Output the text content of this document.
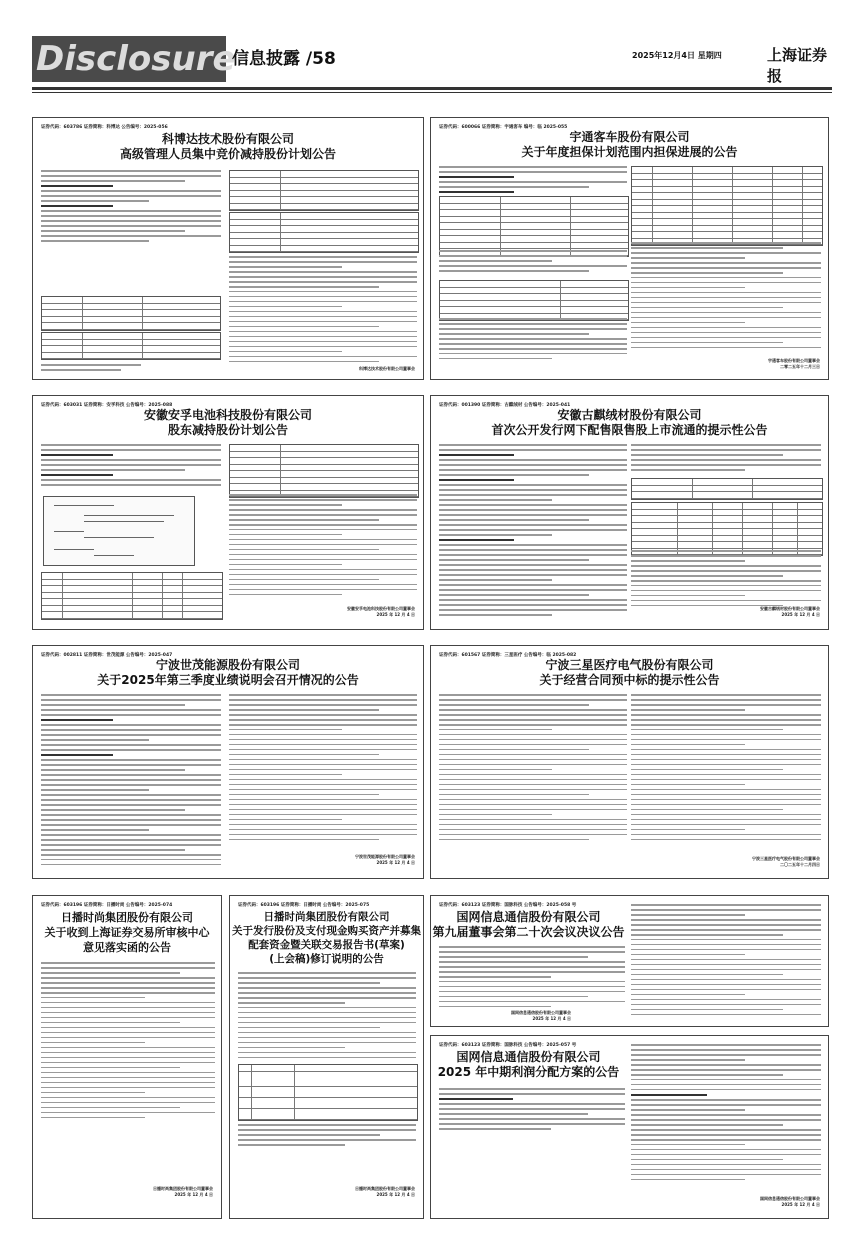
Disclosure
信息披露 /58	2025年12月4日 星期四	上海证券报
证券代码：603786 证券简称：科博达 公告编号：2025-056
科博达技术股份有限公司
高级管理人员集中竞价减持股份计划公告
科博达技术股份有限公司董事会
证券代码：600066 证券简称：宇通客车 编号：临 2025-055
宇通客车股份有限公司
关于年度担保计划范围内担保进展的公告
宇通客车股份有限公司董事会
二零二五年十二月三日
证券代码：603031 证券简称：安孚科技 公告编号：2025-088
安徽安孚电池科技股份有限公司
股东减持股份计划公告
安徽安孚电池科技股份有限公司董事会
2025 年 12 月 4 日
证券代码：001390 证券简称：古麒绒材 公告编号：2025-041
安徽古麒绒材股份有限公司
首次公开发行网下配售限售股上市流通的提示性公告
安徽古麒绒材股份有限公司董事会
2025 年 12 月 4 日
证券代码：002811 证券简称：世茂能源 公告编号：2025-047
宁波世茂能源股份有限公司
关于2025年第三季度业绩说明会召开情况的公告
宁波世茂能源股份有限公司董事会
2025 年 12 月 4 日
证券代码：601567 证券简称：三星医疗 公告编号：临 2025-082
宁波三星医疗电气股份有限公司
关于经营合同预中标的提示性公告
宁波三星医疗电气股份有限公司董事会
二〇二五年十二月四日
证券代码：603196 证券简称：日播时尚 公告编号：2025-074
日播时尚集团股份有限公司
关于收到上海证券交易所审核中心
意见落实函的公告
日播时尚集团股份有限公司董事会
2025 年 12 月 4 日
证券代码：603196 证券简称：日播时尚 公告编号：2025-075
日播时尚集团股份有限公司
关于发行股份及支付现金购买资产并募集
配套资金暨关联交易报告书(草案)
(上会稿)修订说明的公告
日播时尚集团股份有限公司董事会
2025 年 12 月 4 日
证券代码：603123 证券简称：国脉科技 公告编号：2025-058 号
国网信息通信股份有限公司
第九届董事会第二十次会议决议公告
国网信息通信股份有限公司董事会
2025 年 12 月 4 日
证券代码：603123 证券简称：国脉科技 公告编号：2025-057 号
国网信息通信股份有限公司
2025 年中期利润分配方案的公告
国网信息通信股份有限公司董事会
2025 年 12 月 4 日
